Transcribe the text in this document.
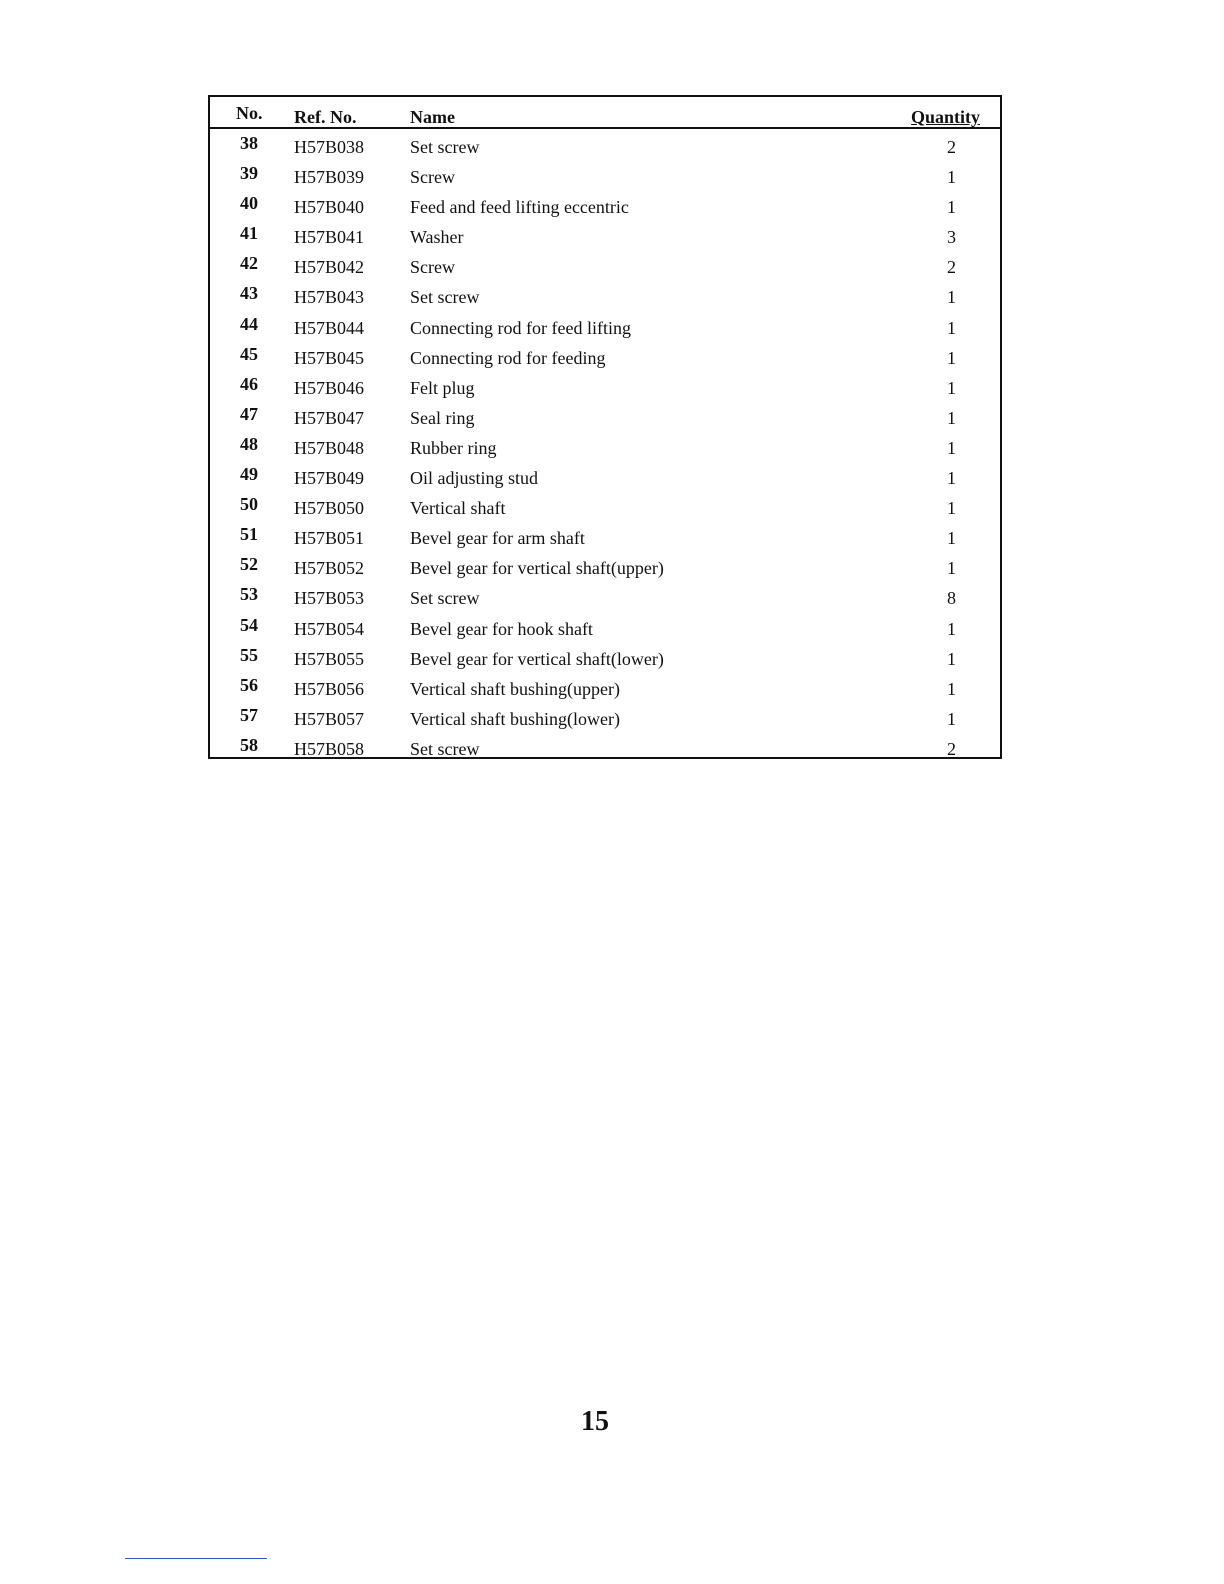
No. Ref. No.	Name	Quantity
38 H57B038	Set screw	2
39 H57B039	Screw	1
40 H57B040	Feed and feed lifting eccentric	1
41 H57B041	Washer	3
42 H57B042	Screw	2
43 H57B043	Set screw	1
44 H57B044	Connecting rod for feed lifting	1
45 H57B045	Connecting rod for feeding	1
46 H57B046	Felt plug	1
47 H57B047	Seal ring	1
48 H57B048	Rubber ring	1
49 H57B049	Oil adjusting stud	1
50 H57B050	Vertical shaft	1
51 H57B051	Bevel gear for arm shaft	1
52 H57B052	Bevel gear for vertical shaft(upper)	1
53 H57B053	Set screw	8
54 H57B054	Bevel gear for hook shaft	1
55 H57B055	Bevel gear for vertical shaft(lower)	1
56 H57B056	Vertical shaft bushing(upper)	1
57 H57B057	Vertical shaft bushing(lower)	1
58 H57B058	Set screw	2
15
